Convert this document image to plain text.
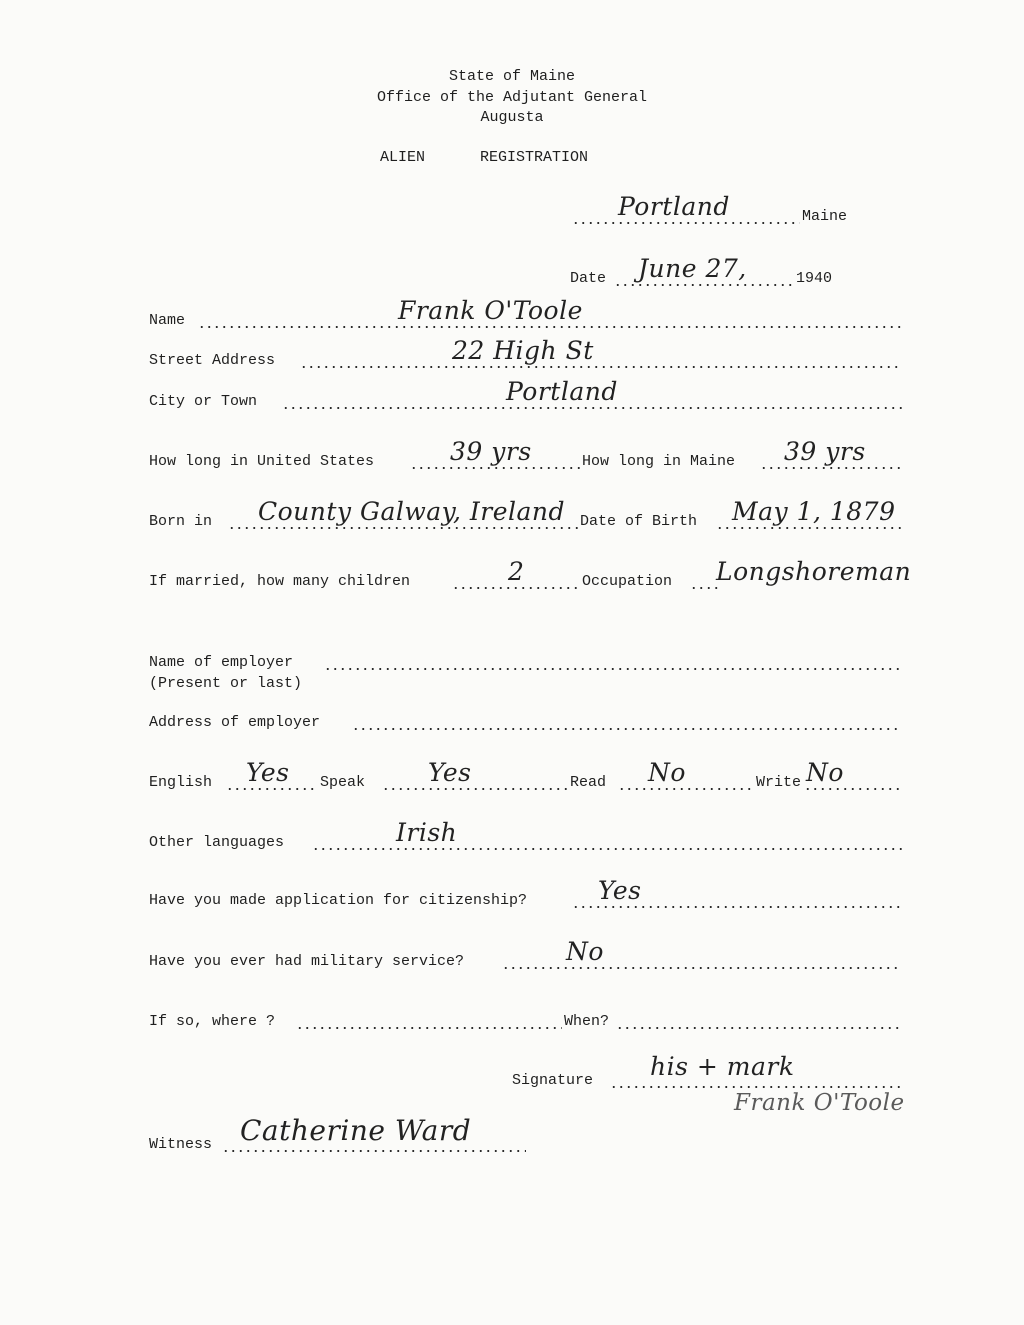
State of Maine
Office of the Adjutant General
Augusta
ALIEN	REGISTRATION
Portland	Maine
Date June 27,	1940
Name	Frank O'Toole
Street Address	22 High St
City or Town	Portland
How long in United States	39 yrs	How long in Maine 39 yrs
Born in County Galway, Ireland Date of Birth May 1, 1879
If married, how many children	2	Occupation Longshoreman
Name of employer
(Present or last)
Address of employer
English Yes Speak	Yes	Read No	Write No
Other languages	Irish
Have you made application for citizenship?	Yes
Have you ever had military service?	No
If so, where ?	When?
Signature his + mark
Frank O'Toole
Witness Catherine Ward
